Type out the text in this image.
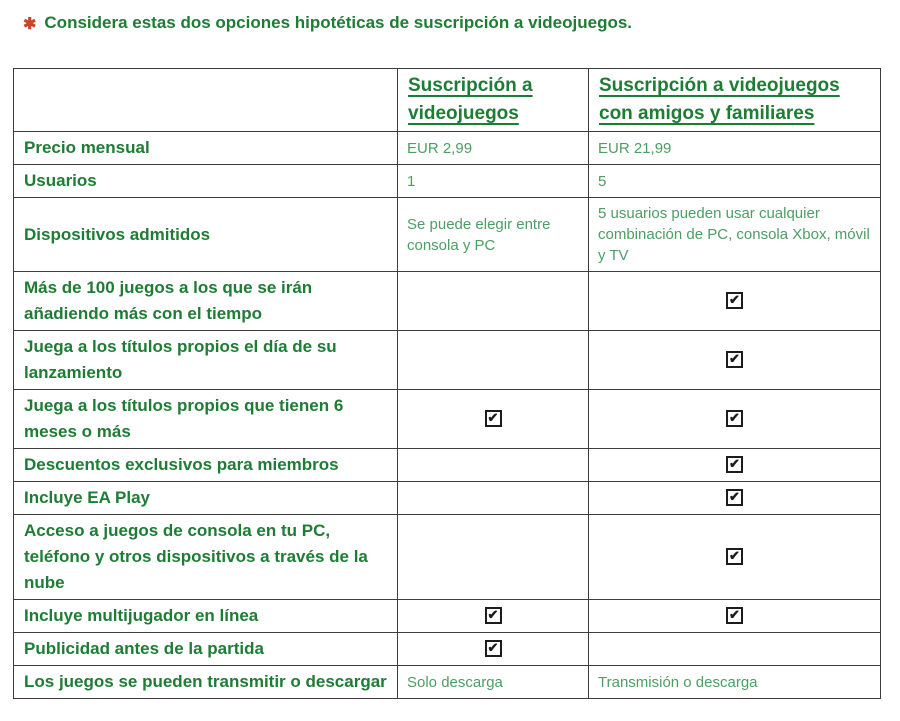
✱ Considera estas dos opciones hipotéticas de suscripción a videojuegos.
	Suscripción a videojuegos	Suscripción a videojuegos con amigos y familiares
Precio mensual	EUR 2,99	EUR 21,99
Usuarios	1	5
Dispositivos admitidos	Se puede elegir entre consola y PC	5 usuarios pueden usar cualquier combinación de PC, consola Xbox, móvil y TV
Más de 100 juegos a los que se irán añadiendo más con el tiempo		✔

Juega a los títulos propios el día de su lanzamiento		✔

Juega a los títulos propios que tienen 6 meses o más	✔	✔

Descuentos exclusivos para miembros		✔

Incluye EA Play		✔

Acceso a juegos de consola en tu PC, teléfono y otros dispositivos a través de la nube		✔

Incluye multijugador en línea	✔	✔

Publicidad antes de la partida	✔	

Los juegos se pueden transmitir o descargar	Solo descarga	Transmisión o descarga
